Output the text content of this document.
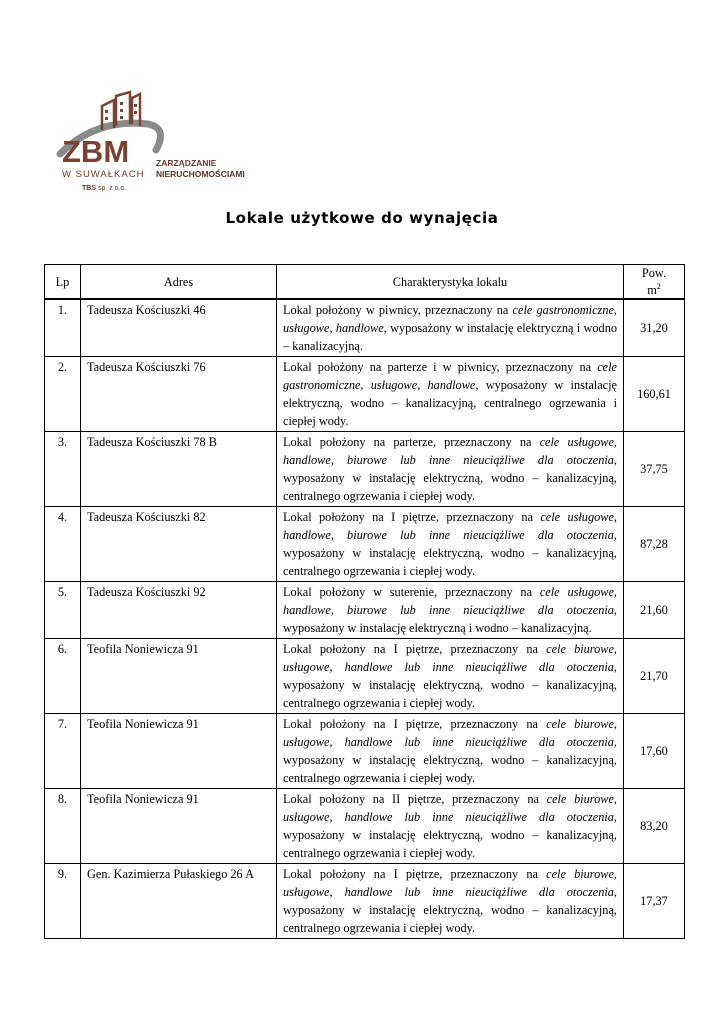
ZBM
W SUWAŁKACH
TBS sp. z o.o.
ZARZĄDZANIE
NIERUCHOMOŚCIAMI
Lokale użytkowe do wynajęcia
Lp	Adres	Charakterystyka lokalu	Pow.
$m^2$
1.	Tadeusza Kościuszki 46	Lokal położony w piwnicy, przeznaczony na cele gastronomiczne, usługowe, handlowe, wyposażony w instalację elektryczną i wodno – kanalizacyjną.	31,20
2.	Tadeusza Kościuszki 76	Lokal położony na parterze i w piwnicy, przeznaczony na cele gastronomiczne, usługowe, handlowe, wyposażony w instalację elektryczną, wodno – kanalizacyjną, centralnego ogrzewania i ciepłej wody.	160,61
3.	Tadeusza Kościuszki 78 B	Lokal położony na parterze, przeznaczony na cele usługowe, handlowe, biurowe lub inne nieuciążliwe dla otoczenia, wyposażony w instalację elektryczną, wodno – kanalizacyjną, centralnego ogrzewania i ciepłej wody.	37,75
4.	Tadeusza Kościuszki 82	Lokal położony na I piętrze, przeznaczony na cele usługowe, handlowe, biurowe lub inne nieuciążliwe dla otoczenia, wyposażony w instalację elektryczną, wodno – kanalizacyjną, centralnego ogrzewania i ciepłej wody.	87,28
5.	Tadeusza Kościuszki 92	Lokal położony w suterenie, przeznaczony na cele usługowe, handlowe, biurowe lub inne nieuciążliwe dla otoczenia, wyposażony w instalację elektryczną i wodno – kanalizacyjną.	21,60
6.	Teofila Noniewicza 91	Lokal położony na I piętrze, przeznaczony na cele biurowe, usługowe, handlowe lub inne nieuciążliwe dla otoczenia, wyposażony w instalację elektryczną, wodno – kanalizacyjną, centralnego ogrzewania i ciepłej wody.	21,70
7.	Teofila Noniewicza 91	Lokal położony na I piętrze, przeznaczony na cele biurowe, usługowe, handlowe lub inne nieuciążliwe dla otoczenia, wyposażony w instalację elektryczną, wodno – kanalizacyjną, centralnego ogrzewania i ciepłej wody.	17,60
8.	Teofila Noniewicza 91	Lokal położony na II piętrze, przeznaczony na cele biurowe, usługowe, handlowe lub inne nieuciążliwe dla otoczenia, wyposażony w instalację elektryczną, wodno – kanalizacyjną, centralnego ogrzewania i ciepłej wody.	83,20
9.	Gen. Kazimierza Pułaskiego 26 A	Lokal położony na I piętrze, przeznaczony na cele biurowe, usługowe, handlowe lub inne nieuciążliwe dla otoczenia, wyposażony w instalację elektryczną, wodno – kanalizacyjną, centralnego ogrzewania i ciepłej wody.	17,37
